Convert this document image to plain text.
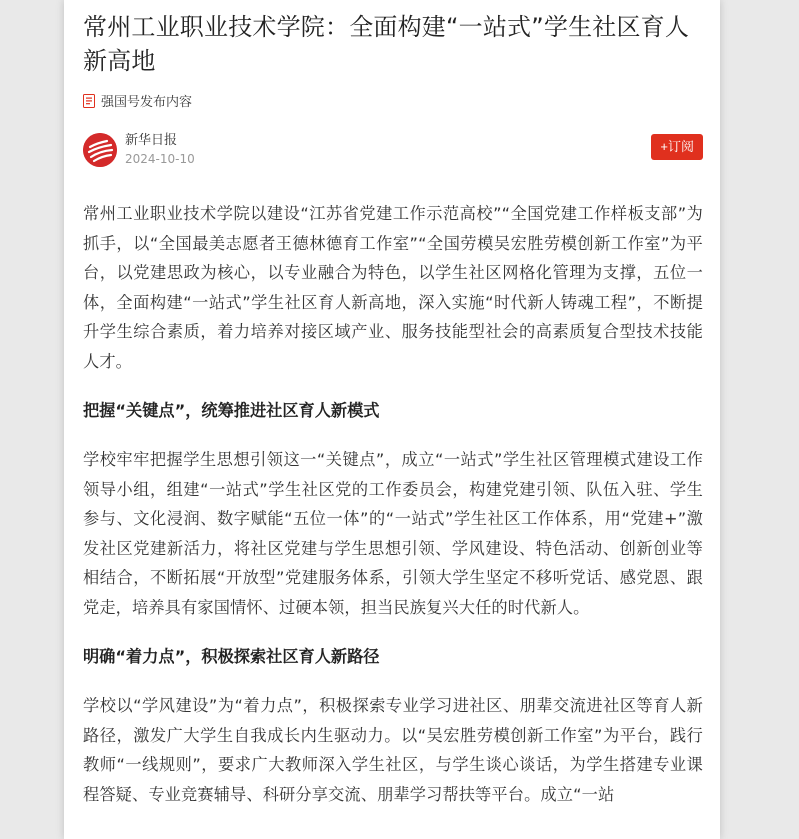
常州工业职业技术学院：全面构建“一站式”学生社区育人新高地
强国号发布内容
新华日报
2024-10-10
+订阅

常州工业职业技术学院以建设“江苏省党建工作示范高校”“全国党建工作样板支部”为抓手，以“全国最美志愿者王德林德育工作室”“全国劳模吴宏胜劳模创新工作室”为平台，以党建思政为核心，以专业融合为特色，以学生社区网格化管理为支撑，五位一体，全面构建“一站式”学生社区育人新高地，深入实施“时代新人铸魂工程”，不断提升学生综合素质，着力培养对接区域产业、服务技能型社会的高素质复合型技术技能人才。

把握“关键点”，统筹推进社区育人新模式

学校牢牢把握学生思想引领这一“关键点”，成立“一站式”学生社区管理模式建设工作领导小组，组建“一站式”学生社区党的工作委员会，构建党建引领、队伍入驻、学生参与、文化浸润、数字赋能“五位一体”的“一站式”学生社区工作体系，用“党建+”激发社区党建新活力，将社区党建与学生思想引领、学风建设、特色活动、创新创业等相结合，不断拓展“开放型”党建服务体系，引领大学生坚定不移听党话、感党恩、跟党走，培养具有家国情怀、过硬本领，担当民族复兴大任的时代新人。

明确“着力点”，积极探索社区育人新路径

学校以“学风建设”为“着力点”，积极探索专业学习进社区、朋辈交流进社区等育人新路径，激发广大学生自我成长内生驱动力。以“吴宏胜劳模创新工作室”为平台，践行教师“一线规则”，要求广大教师深入学生社区，与学生谈心谈话，为学生搭建专业课程答疑、专业竞赛辅导、科研分享交流、朋辈学习帮扶等平台。成立“一站
